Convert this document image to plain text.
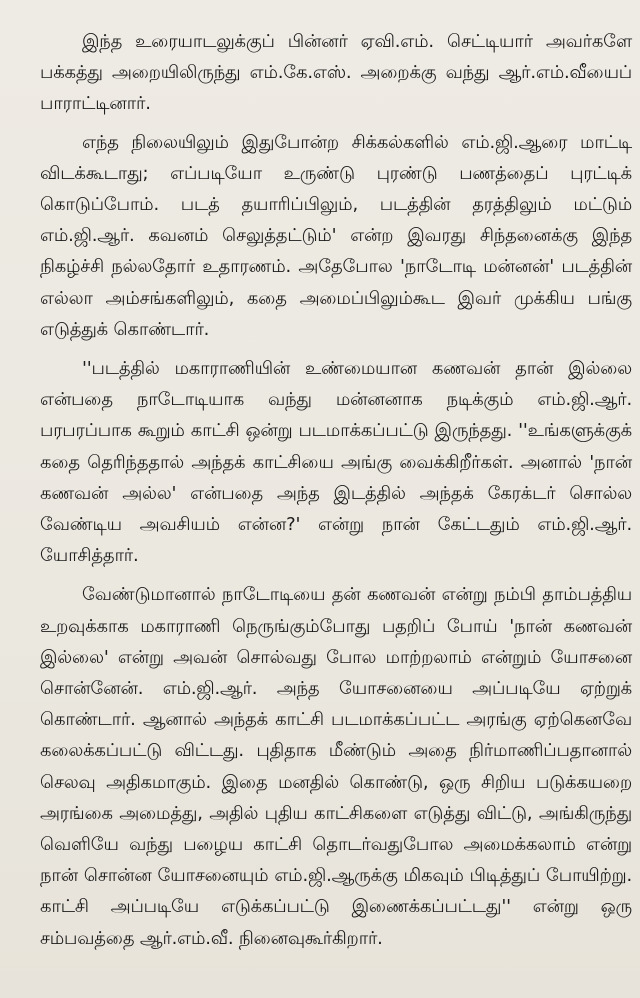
இந்த உரையாடலுக்குப் பின்னர் ஏவி.எம். செட்டியார் அவர்களே பக்கத்து அறையிலிருந்து எம்.கே.எஸ். அறைக்கு வந்து ஆர்.எம்.வீயைப் பாராட்டினார்.

எந்த நிலையிலும் இதுபோன்ற சிக்கல்களில் எம்.ஜி.ஆரை மாட்டி விடக்கூடாது; எப்படியோ உருண்டு புரண்டு பணத்தைப் புரட்டிக் கொடுப்போம். படத் தயாரிப்பிலும், படத்தின் தரத்திலும் மட்டும் எம்.ஜி.ஆர். கவனம் செலுத்தட்டும்' என்ற இவரது சிந்தனைக்கு இந்த நிகழ்ச்சி நல்லதோர் உதாரணம். அதேபோல 'நாடோடி மன்னன்' படத்தின் எல்லா அம்சங்களிலும், கதை அமைப்பிலும்கூட இவர் முக்கிய பங்கு எடுத்துக் கொண்டார்.

''படத்தில் மகாராணியின் உண்மையான கணவன் தான் இல்லை என்பதை நாடோடியாக வந்து மன்னனாக நடிக்கும் எம்.ஜி.ஆர். பரபரப்பாக கூறும் காட்சி ஒன்று படமாக்கப்பட்டு இருந்தது. ''உங்களுக்குக் கதை தெரிந்ததால் அந்தக் காட்சியை அங்கு வைக்கிறீர்கள். அனால் 'நான் கணவன் அல்ல' என்பதை அந்த இடத்தில் அந்தக் கேரக்டர் சொல்ல வேண்டிய அவசியம் என்ன?' என்று நான் கேட்டதும் எம்.ஜி.ஆர். யோசித்தார்.

வேண்டுமானால் நாடோடியை தன் கணவன் என்று நம்பி தாம்பத்திய உறவுக்காக மகாராணி நெருங்கும்போது பதறிப் போய் 'நான் கணவன் இல்லை' என்று அவன் சொல்வது போல மாற்றலாம் என்றும் யோசனை சொன்னேன். எம்.ஜி.ஆர். அந்த யோசனையை அப்படியே ஏற்றுக் கொண்டார். ஆனால் அந்தக் காட்சி படமாக்கப்பட்ட அரங்கு ஏற்கெனவே கலைக்கப்பட்டு விட்டது. புதிதாக மீண்டும் அதை நிர்மாணிப்பதானால் செலவு அதிகமாகும். இதை மனதில் கொண்டு, ஒரு சிறிய படுக்கயறை அரங்கை அமைத்து, அதில் புதிய காட்சிகளை எடுத்து விட்டு, அங்கிருந்து வெளியே வந்து பழைய காட்சி தொடர்வதுபோல அமைக்கலாம் என்று நான் சொன்ன யோசனையும் எம்.ஜி.ஆருக்கு மிகவும் பிடித்துப் போயிற்று. காட்சி அப்படியே எடுக்கப்பட்டு இணைக்கப்பட்டது'' என்று ஒரு சம்பவத்தை ஆர்.எம்.வீ. நினைவுகூர்கிறார்.
